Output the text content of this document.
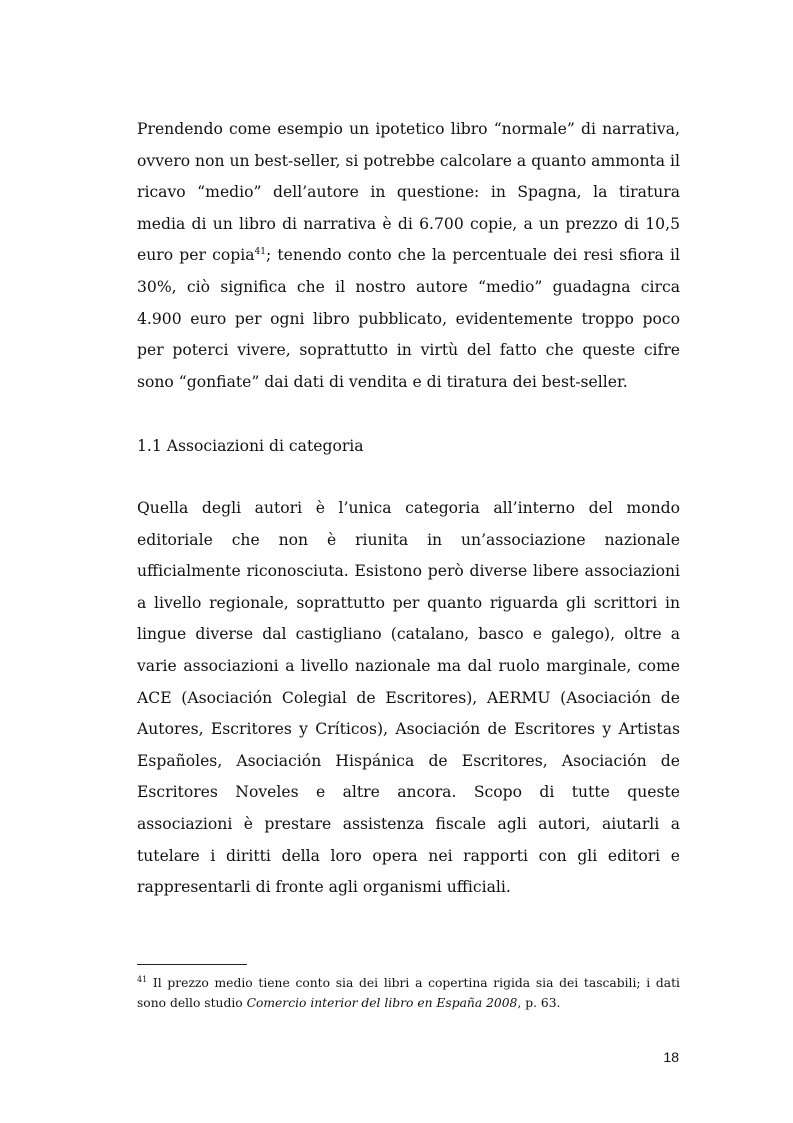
Prendendo come esempio un ipotetico libro “normale” di narrativa, ovvero non un best-seller, si potrebbe calcolare a quanto ammonta il ricavo “medio” dell’autore in questione: in Spagna, la tiratura media di un libro di narrativa è di 6.700 copie, a un prezzo di 10,5 euro per copia$^{41}$; tenendo conto che la percentuale dei resi sfiora il 30%, ciò significa che il nostro autore “medio” guadagna circa 4.900 euro per ogni libro pubblicato, evidentemente troppo poco per poterci vivere, soprattutto in virtù del fatto che queste cifre sono “gonfiate” dai dati di vendita e di tiratura dei best-seller.

1.1 Associazioni di categoria

Quella degli autori è l’unica categoria all’interno del mondo editoriale che non è riunita in un’associazione nazionale ufficialmente riconosciuta. Esistono però diverse libere associazioni a livello regionale, soprattutto per quanto riguarda gli scrittori in lingue diverse dal castigliano (catalano, basco e galego), oltre a varie associazioni a livello nazionale ma dal ruolo marginale, come ACE (Asociación Colegial de Escritores), AERMU (Asociación de Autores, Escritores y Críticos), Asociación de Escritores y Artistas Españoles, Asociación Hispánica de Escritores, Asociación de Escritores Noveles e altre ancora. Scopo di tutte queste associazioni è prestare assistenza fiscale agli autori, aiutarli a tutelare i diritti della loro opera nei rapporti con gli editori e rappresentarli di fronte agli organismi ufficiali.

$^{41}$ Il prezzo medio tiene conto sia dei libri a copertina rigida sia dei tascabili; i dati sono dello studio Comercio interior del libro en España 2008, p. 63.

18
